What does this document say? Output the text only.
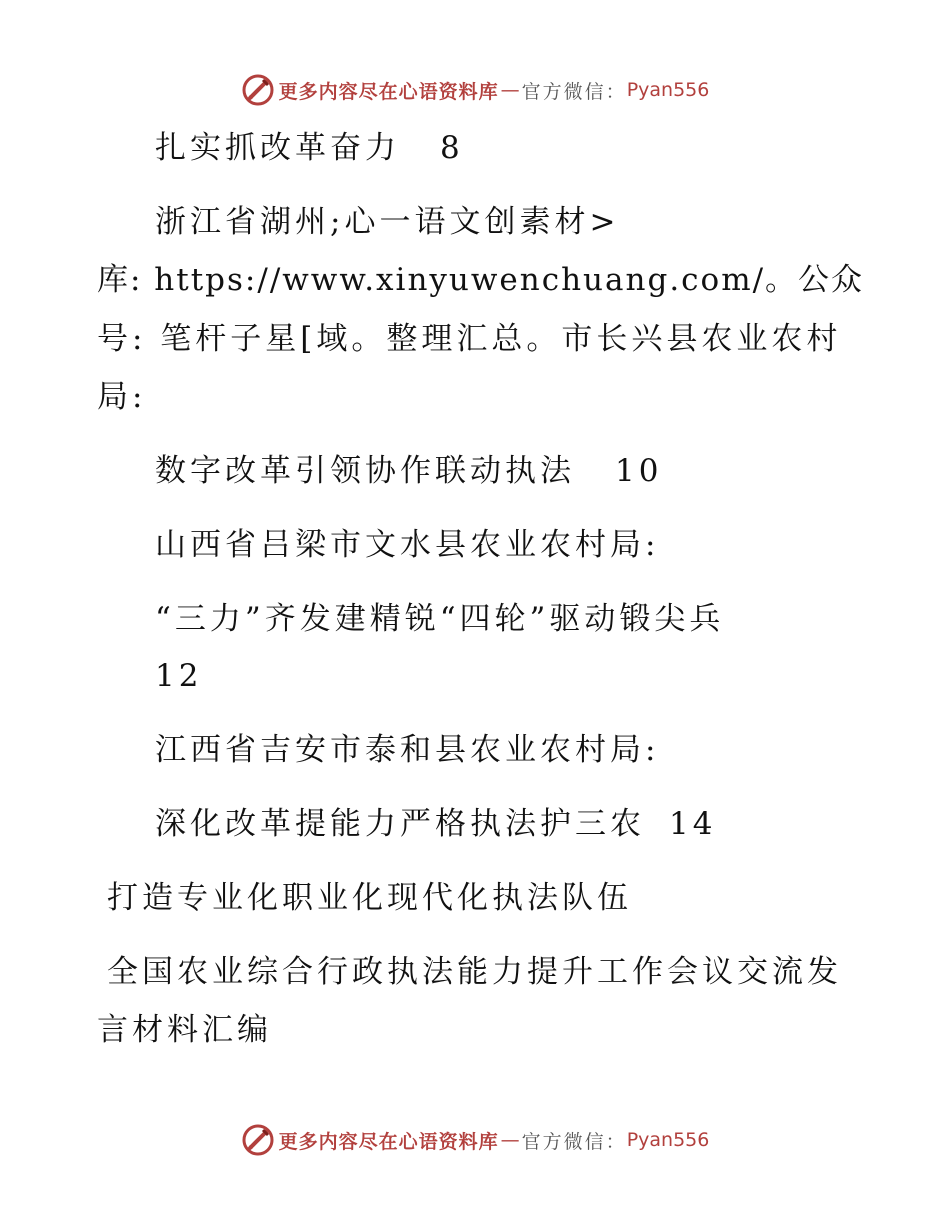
更多内容尽在心语资料库 — 官方微信： Pyan556
扎实抓改革奋力 8
浙江省湖州;心一语文创素材>
库: https://www.xinyuwenchuang.com/。公众
号: 笔杆子星[域。整理汇总。市长兴县农业农村
局:
数字改革引领协作联动执法 10
山西省吕梁市文水县农业农村局:
“三力”齐发建精锐“四轮”驱动锻尖兵
12
江西省吉安市泰和县农业农村局:
深化改革提能力严格执法护三农 14
打造专业化职业化现代化执法队伍
全国农业综合行政执法能力提升工作会议交流发
言材料汇编
更多内容尽在心语资料库 — 官方微信： Pyan556
